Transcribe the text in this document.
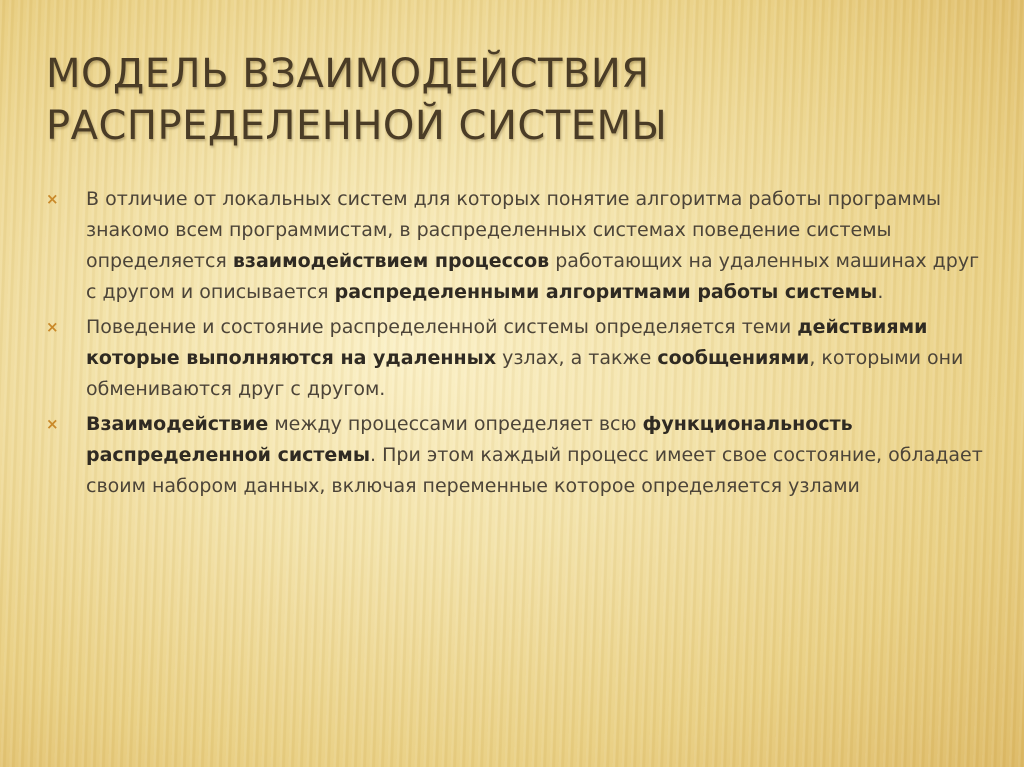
МОДЕЛЬ ВЗАИМОДЕЙСТВИЯ
РАСПРЕДЕЛЕННОЙ СИСТЕМЫ
× В отличие от локальных систем для которых понятие алгоритма работы программы знакомо всем программистам, в распределенных системах поведение системы определяется взаимодействием процессов работающих на удаленных машинах друг с другом и описывается распределенными алгоритмами работы системы.
× Поведение и состояние распределенной системы определяется теми действиями которые выполняются на удаленных узлах, а также сообщениями, которыми они обмениваются друг с другом.
× Взаимодействие между процессами определяет всю функциональность распределенной системы. При этом каждый процесс имеет свое состояние, обладает своим набором данных, включая переменные которое определяется узлами
